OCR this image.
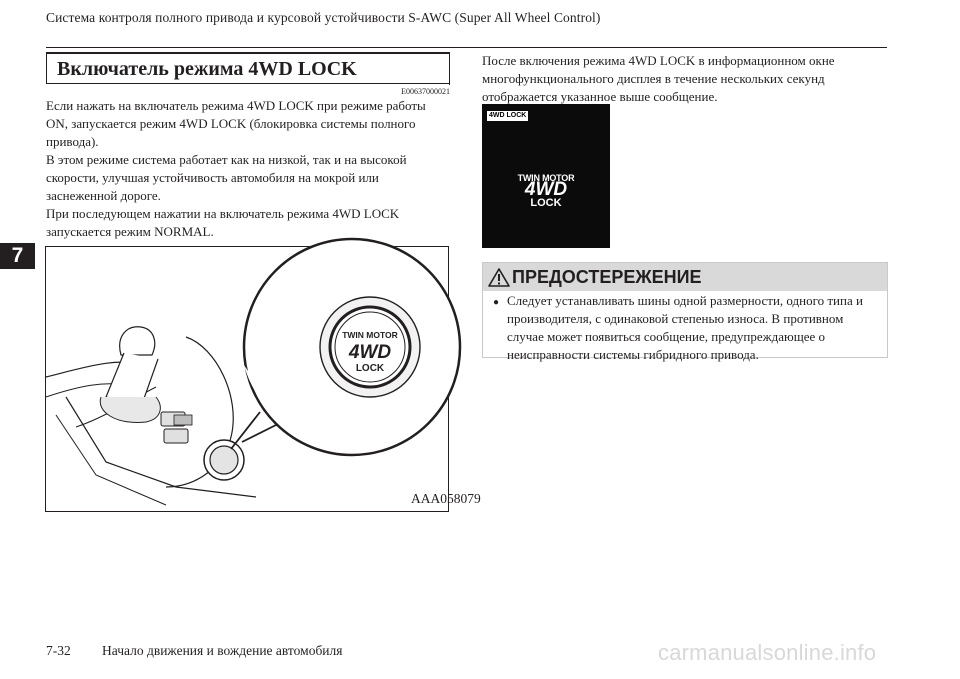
Система контроля полного привода и курсовой устойчивости S-AWC (Super All Wheel Control)
7
Включатель режима 4WD LOCK
E00637000021

Если нажать на включатель режима 4WD LOCK при режиме работы ON, запускается режим 4WD LOCK (блокировка системы полного привода).

В этом режиме система работает как на низкой, так и на высокой скорости, улучшая устойчивость автомобиля на мокрой или заснеженной дороге.

При последующем нажатии на включатель режима 4WD LOCK запускается режим NORMAL.

TWIN MOTOR
4WD
LOCK
AAA058079
После включения режима 4WD LOCK в информационном окне многофункционального дисплея в течение нескольких секунд отображается указанное выше сообщение.
4WD LOCK
TWIN MOTOR
4WD
LOCK
ПРЕДОСТЕРЕЖЕНИЕ
● Следует устанавливать шины одной размерности, одного типа и производителя, с одинаковой степенью износа. В противном случае может появиться сообщение, предупреждающее о неисправности системы гибридного привода.
7-32 Начало движения и вождение автомобиля	carmanualsonline.info
